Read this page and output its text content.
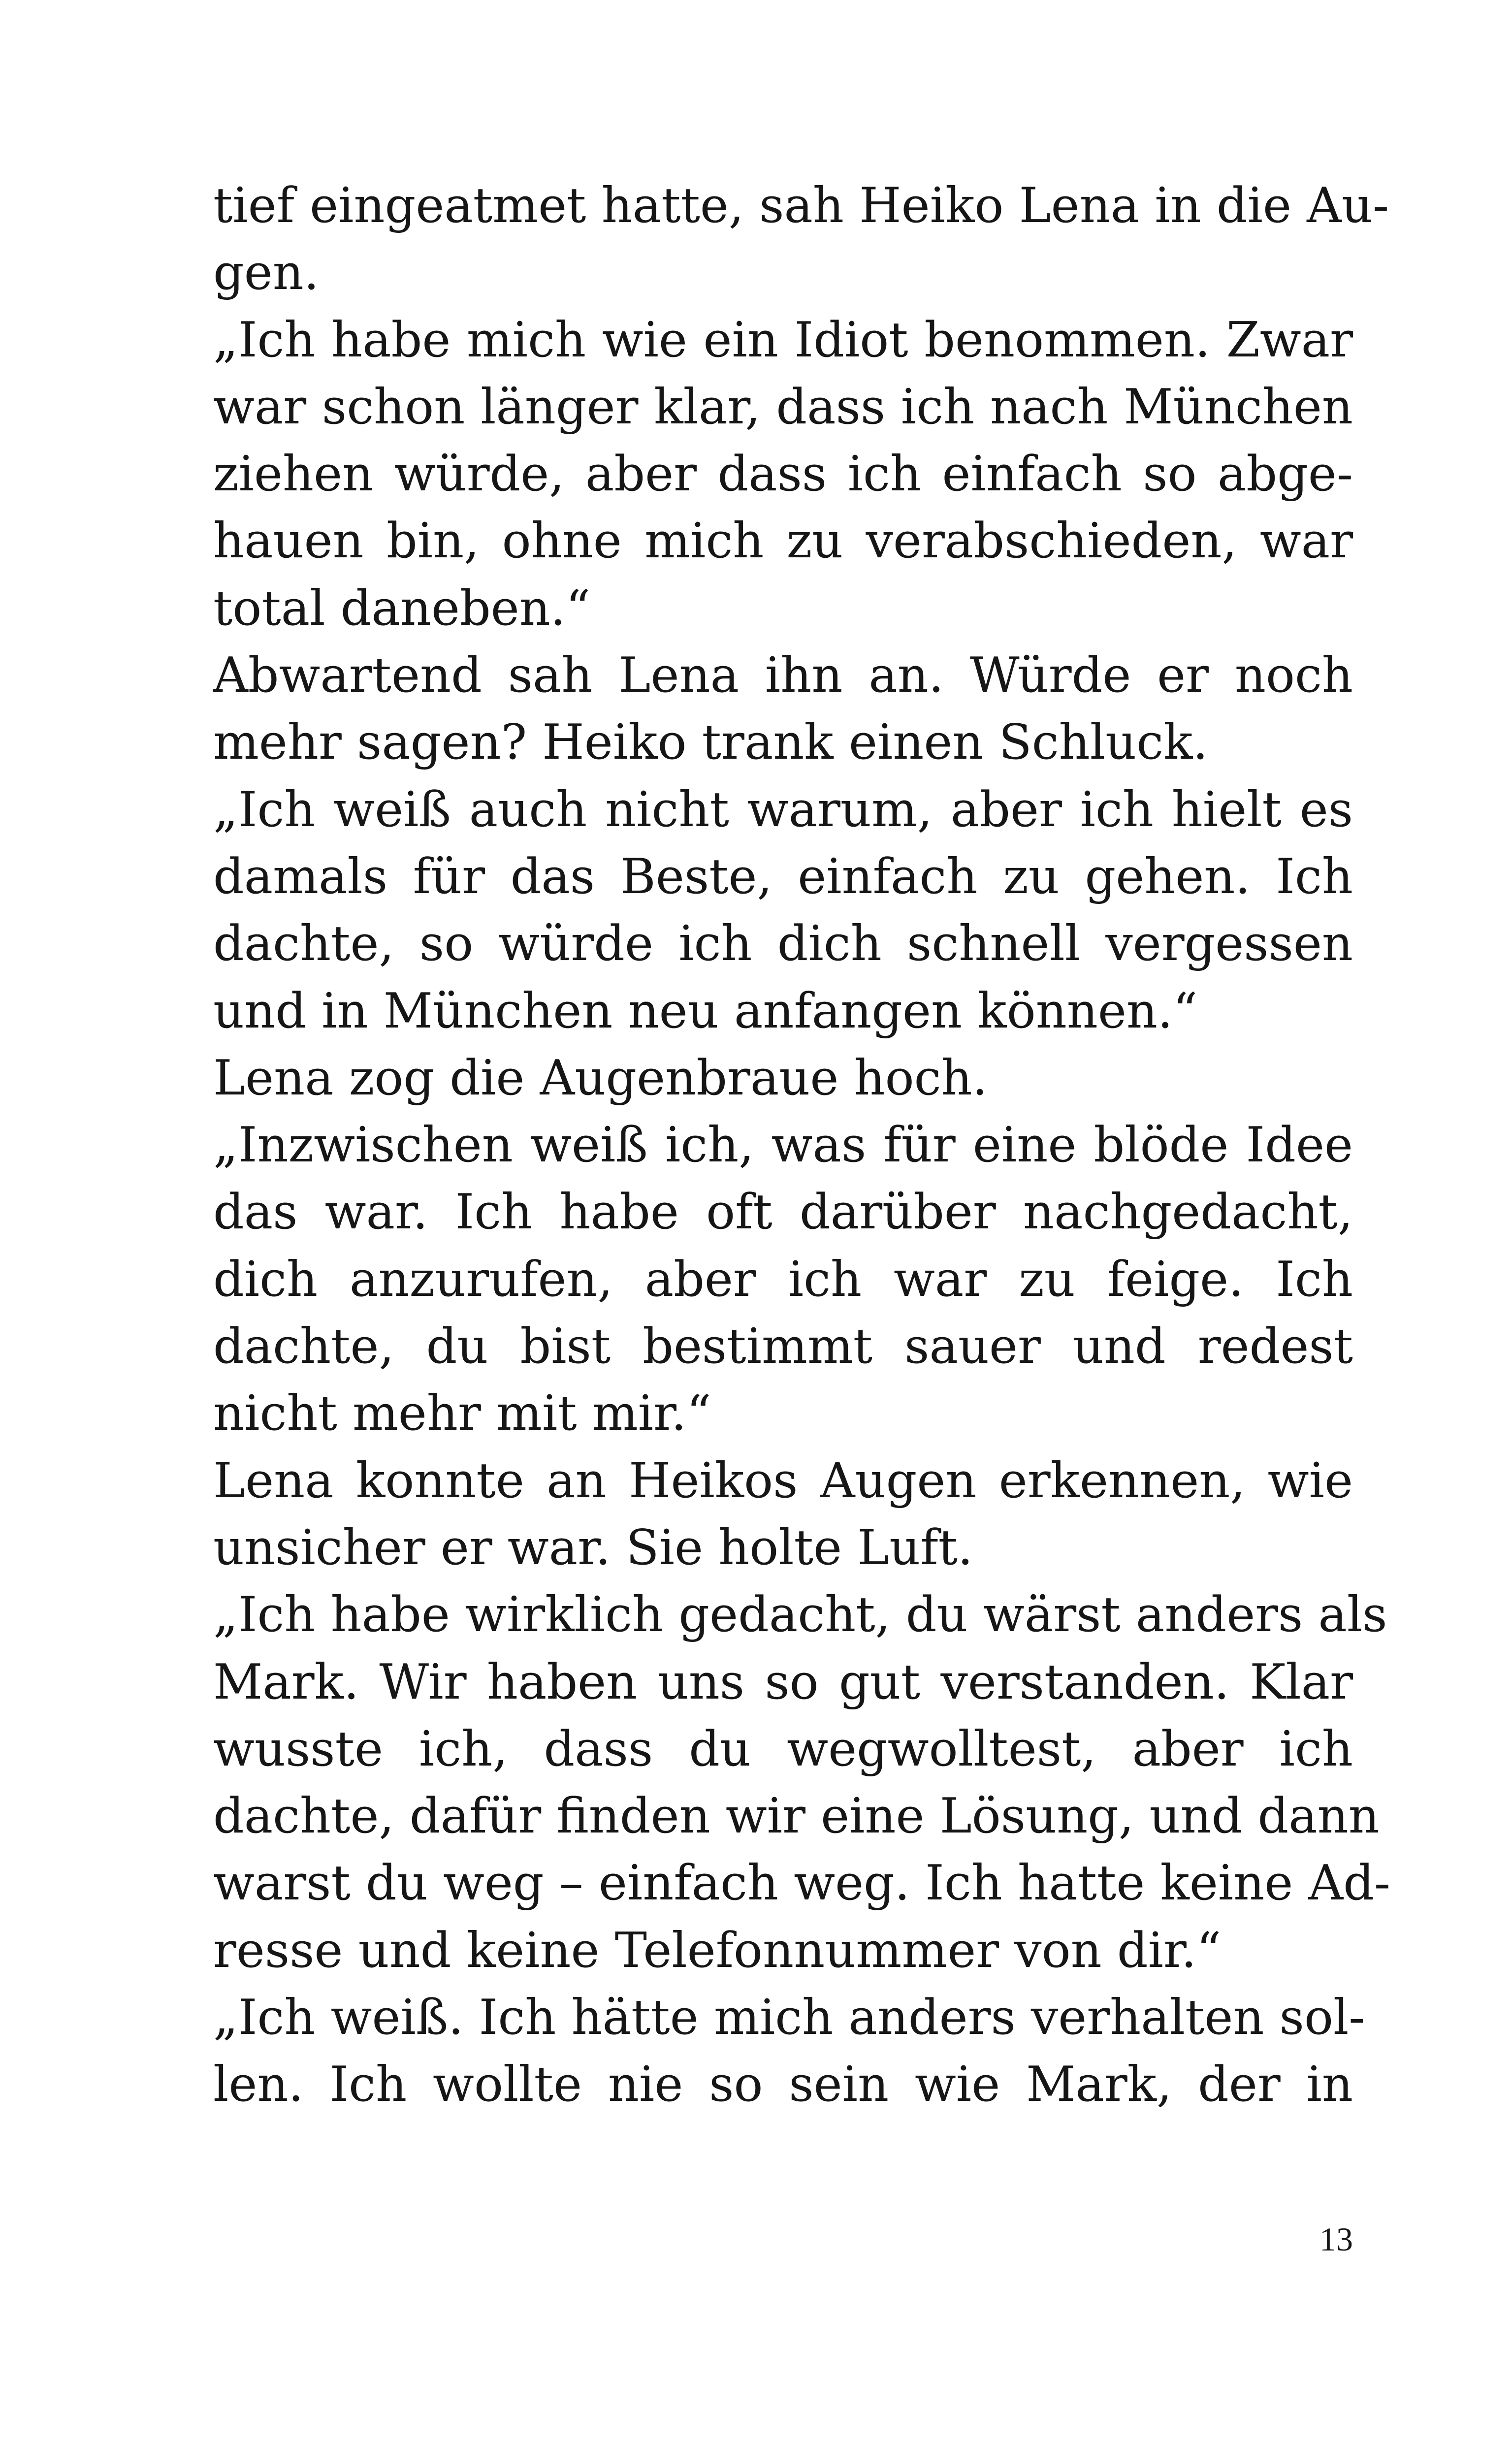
tief eingeatmet hatte, sah Heiko Lena in die Au-
gen.
„Ich habe mich wie ein Idiot benommen. Zwar
war schon länger klar, dass ich nach München
ziehen würde, aber dass ich einfach so abge-
hauen bin, ohne mich zu verabschieden, war
total daneben.“
Abwartend sah Lena ihn an. Würde er noch
mehr sagen? Heiko trank einen Schluck.
„Ich weiß auch nicht warum, aber ich hielt es
damals für das Beste, einfach zu gehen. Ich
dachte, so würde ich dich schnell vergessen
und in München neu anfangen können.“
Lena zog die Augenbraue hoch.
„Inzwischen weiß ich, was für eine blöde Idee
das war. Ich habe oft darüber nachgedacht,
dich anzurufen, aber ich war zu feige. Ich
dachte, du bist bestimmt sauer und redest
nicht mehr mit mir.“
Lena konnte an Heikos Augen erkennen, wie
unsicher er war. Sie holte Luft.
„Ich habe wirklich gedacht, du wärst anders als
Mark. Wir haben uns so gut verstanden. Klar
wusste ich, dass du wegwolltest, aber ich
dachte, dafür finden wir eine Lösung, und dann
warst du weg – einfach weg. Ich hatte keine Ad-
resse und keine Telefonnummer von dir.“
„Ich weiß. Ich hätte mich anders verhalten sol-
len. Ich wollte nie so sein wie Mark, der in
13
